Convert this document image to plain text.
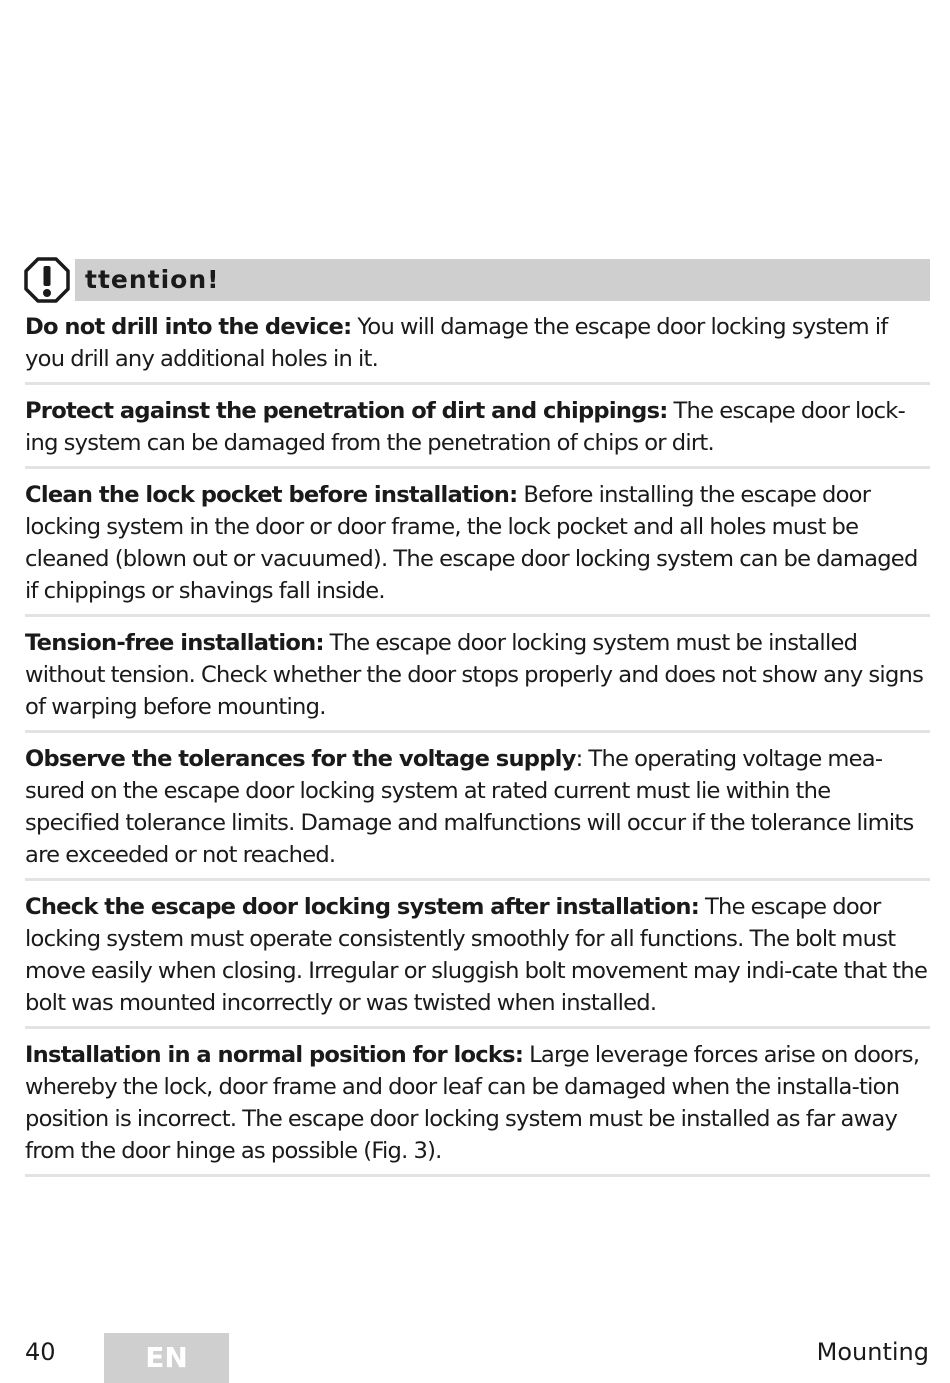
ttention!
Do not drill into the device: You will damage the escape door locking system if you drill any additional holes in it.
Protect against the penetration of dirt and chippings: The escape door lock-ing system can be damaged from the penetration of chips or dirt.
Clean the lock pocket before installation: Before installing the escape door locking system in the door or door frame, the lock pocket and all holes must be cleaned (blown out or vacuumed). The escape door locking system can be damaged if chippings or shavings fall inside.
Tension-free installation: The escape door locking system must be installed without tension. Check whether the door stops properly and does not show any signs of warping before mounting.
Observe the tolerances for the voltage supply: The operating voltage mea-sured on the escape door locking system at rated current must lie within the specified tolerance limits. Damage and malfunctions will occur if the tolerance limits are exceeded or not reached.
Check the escape door locking system after installation: The escape door locking system must operate consistently smoothly for all functions. The bolt must move easily when closing. Irregular or sluggish bolt movement may indi-cate that the bolt was mounted incorrectly or was twisted when installed.
Installation in a normal position for locks: Large leverage forces arise on doors, whereby the lock, door frame and door leaf can be damaged when the installa-tion position is incorrect. The escape door locking system must be installed as far away from the door hinge as possible (Fig. 3).
40	EN	Mounting
